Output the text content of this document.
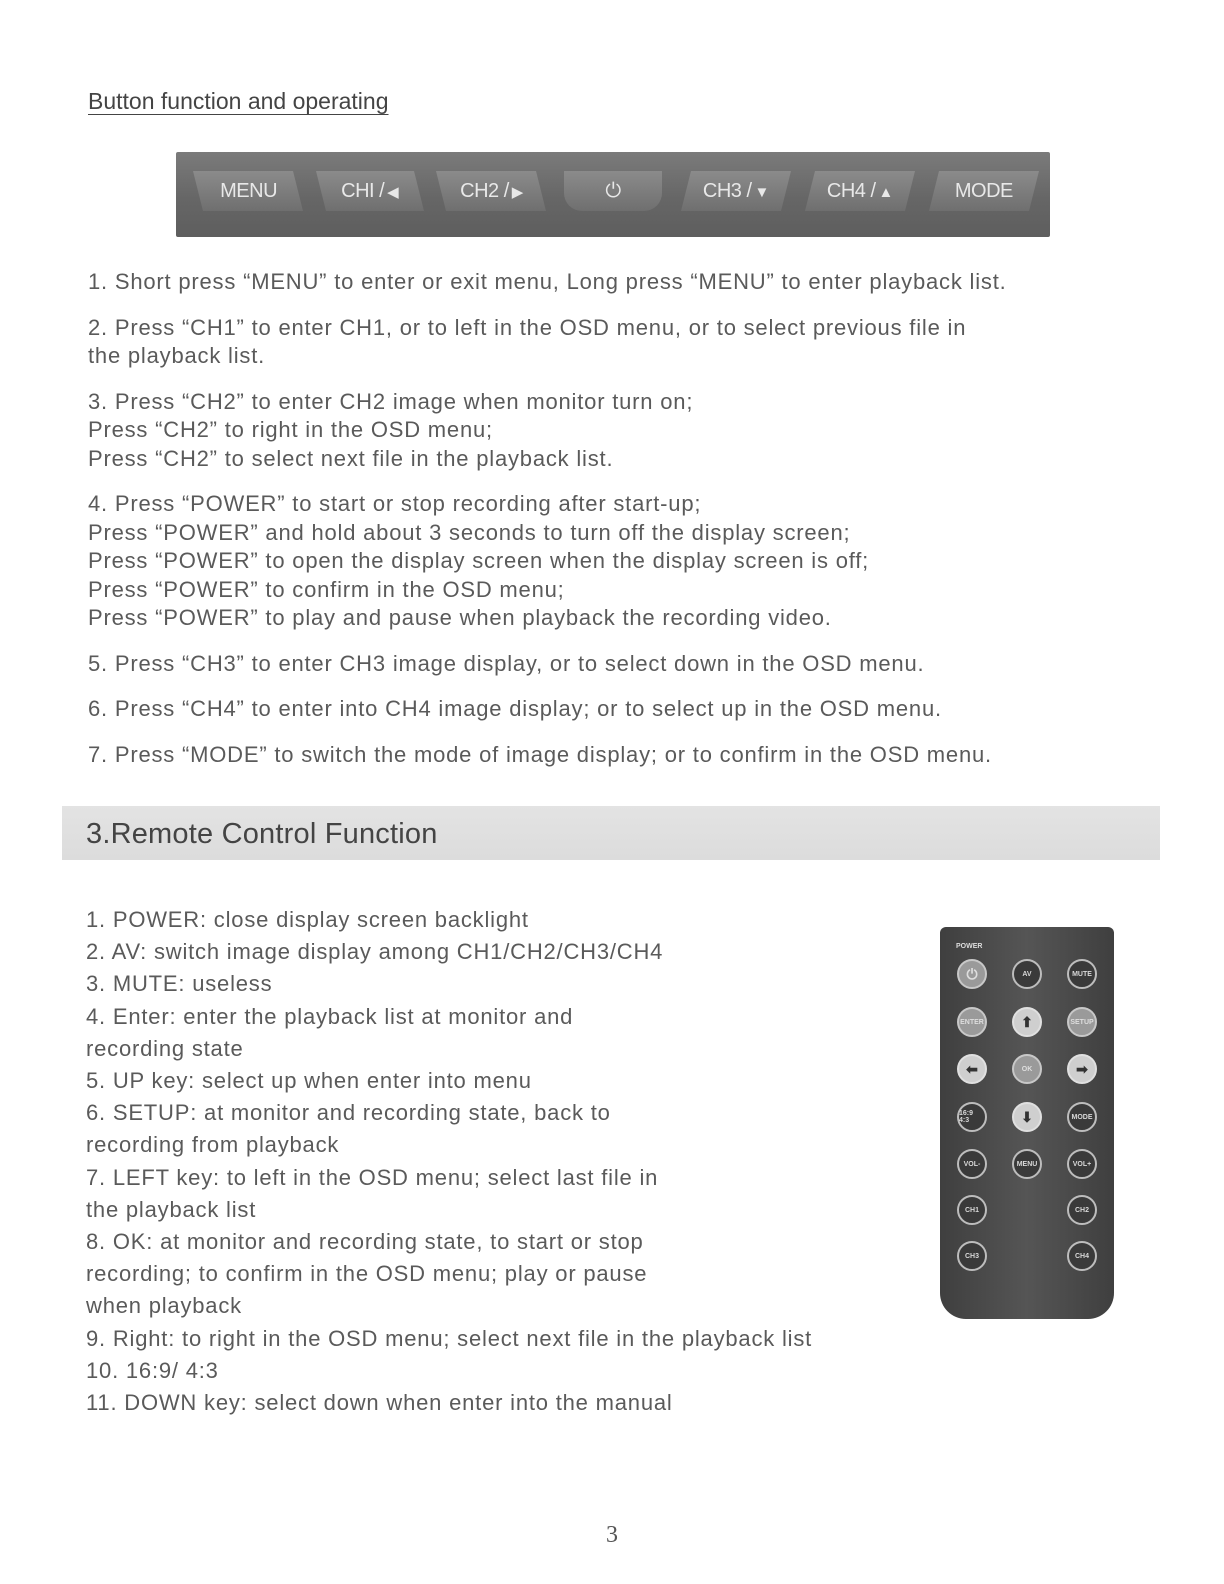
Button function and operating
MENU	CHI / ◀	CH2 / ▶	⏻	CH3 / ▼	CH4 / ▲	MODE
1. Short press “MENU” to enter or exit menu, Long press “MENU” to enter playback list.
2. Press “CH1” to enter CH1, or to left in the OSD menu, or to select previous file in
the playback list.
3. Press “CH2” to enter CH2 image when monitor turn on;
Press “CH2” to right in the OSD menu;
Press “CH2” to select next file in the playback list.
4. Press “POWER” to start or stop recording after start-up;
Press “POWER” and hold about 3 seconds to turn off the display screen;
Press “POWER” to open the display screen when the display screen is off;
Press “POWER” to confirm in the OSD menu;
Press “POWER” to play and pause when playback the recording video.
5. Press “CH3” to enter CH3 image display, or to select down in the OSD menu.
6. Press “CH4” to enter into CH4 image display; or to select up in the OSD menu.
7. Press “MODE” to switch the mode of image display; or to confirm in the OSD menu.
3.Remote Control Function
1. POWER: close display screen backlight
2. AV: switch image display among CH1/CH2/CH3/CH4
3. MUTE: useless
4. Enter: enter the playback list at monitor and
recording state
5. UP key: select up when enter into menu
6. SETUP: at monitor and recording state, back to
recording from playback
7. LEFT key: to left in the OSD menu; select last file in
the playback list
8. OK: at monitor and recording state, to start or stop
recording; to confirm in the OSD menu; play or pause
when playback
9. Right: to right in the OSD menu; select next file in the playback list
10. 16:9/ 4:3
11. DOWN key: select down when enter into the manual
POWER
⏻	AV	MUTE
ENTER	⬆	SETUP
⬅	OK	➡
16:9 4:3	⬇	MODE
VOL-	MENU	VOL+
CH1	CH2
CH3	CH4
3
